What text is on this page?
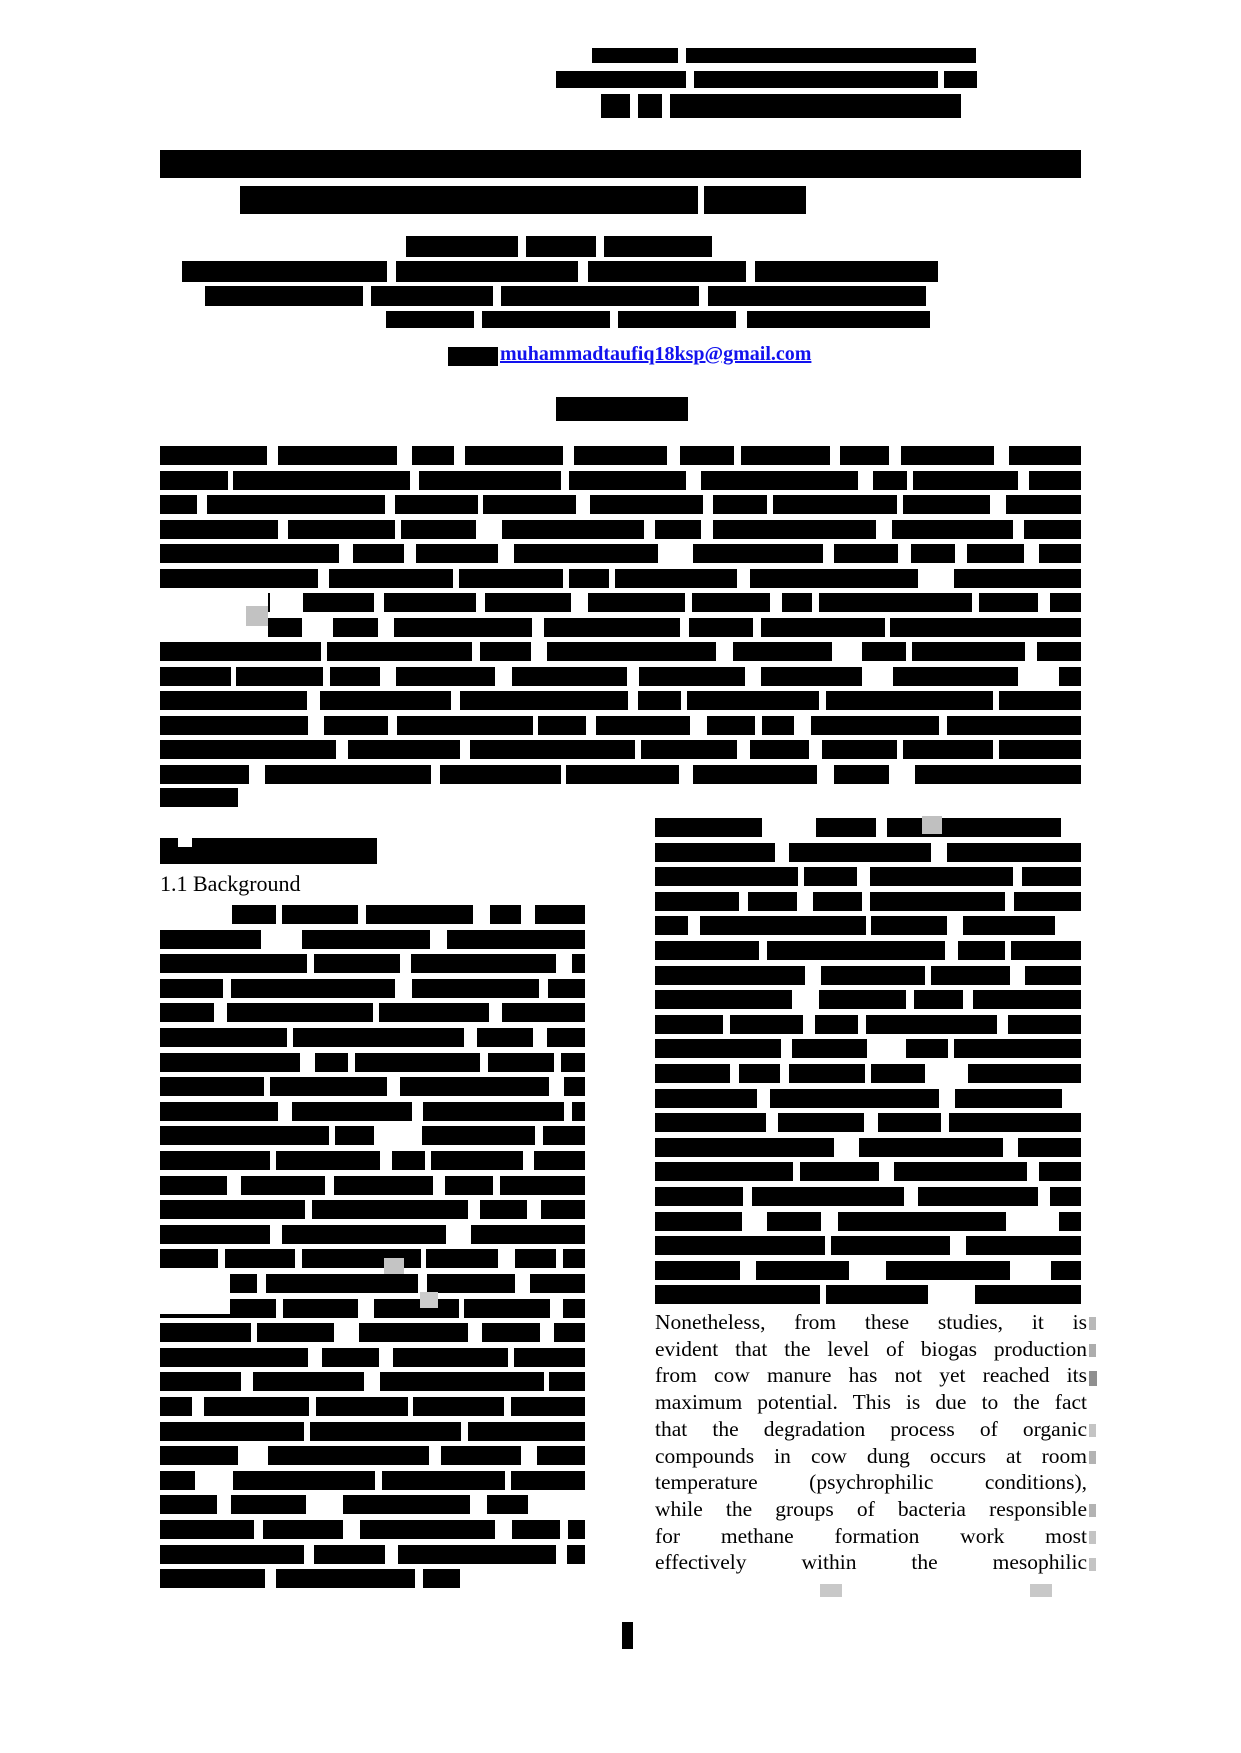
muhammadtaufiq18ksp@gmail.com
1.1 Background
Nonetheless, from these studies, it is
evident that the level of biogas production
from cow manure has not yet reached its
maximum potential. This is due to the fact
that the degradation process of organic
compounds in cow dung occurs at room
temperature (psychrophilic conditions),
while the groups of bacteria responsible
for methane formation work most
effectively within the mesophilic
